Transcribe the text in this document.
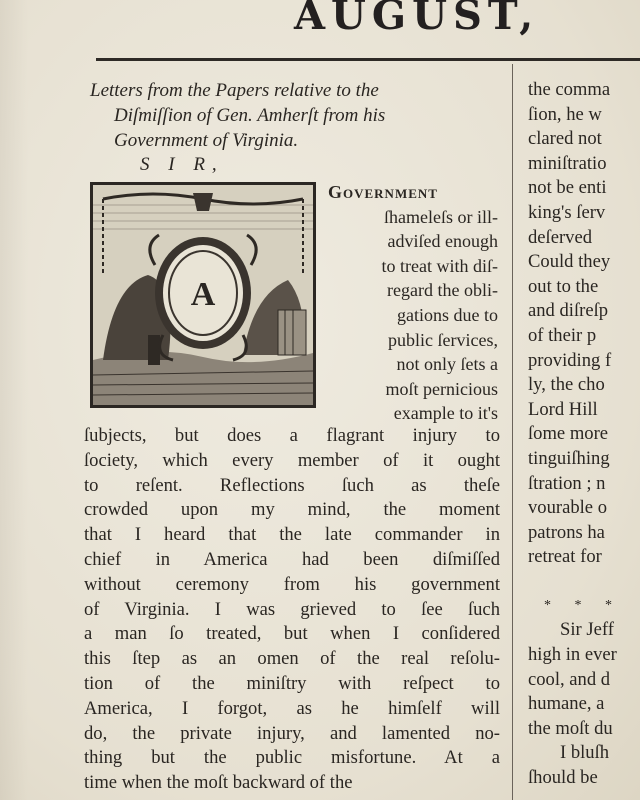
AUGUST,
Letters from the Papers relative to the
Diſmiſſion of Gen. Amherſt from his
Government of Virginia.
S I R,
A
Government
ſhameleſs or ill-
adviſed enough
to treat with diſ-
regard the obli-
gations due to
public ſervices,
not only ſets a
moſt pernicious
example to it's
ſubjects, but does a flagrant injury to
ſociety, which every member of it ought
to reſent. Reflections ſuch as theſe
crowded upon my mind, the moment
that I heard that the late commander in
chief in America had been diſmiſſed
without ceremony from his government
of Virginia. I was grieved to ſee ſuch
a man ſo treated, but when I conſidered
this ſtep as an omen of the real reſolu-
tion of the miniſtry with reſpect to
America, I forgot, as he himſelf will
do, the private injury, and lamented no-
thing but the public misfortune. At a
time when the moſt backward of the
the comma
ſion, he w
clared not
miniſtratio
not be enti
king's ſerv
deſerved
Could they
out to the
and diſreſp
of their p
providing f
ly, the cho
Lord Hill
ſome more
tinguiſhing
ſtration ; n
vourable o
patrons ha
retreat for
* * *
Sir Jeff
high in ever
cool, and d
humane, a
the moſt du
I bluſh
ſhould be
